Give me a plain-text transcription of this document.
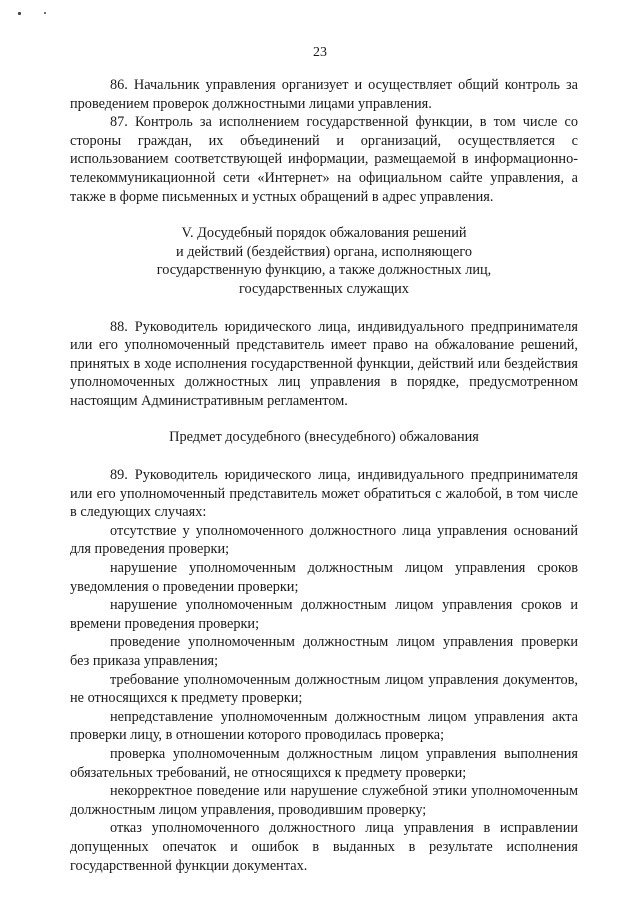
23

86. Начальник управления организует и осуществляет общий контроль за проведением проверок должностными лицами управления.

87. Контроль за исполнением государственной функции, в том числе со стороны граждан, их объединений и организаций, осуществляется с использованием соответствующей информации, размещаемой в информационно-телекоммуникационной сети «Интернет» на официальном сайте управления, а также в форме письменных и устных обращений в адрес управления.

V. Досудебный порядок обжалования решений

и действий (бездействия) органа, исполняющего

государственную функцию, а также должностных лиц,

государственных служащих

88. Руководитель юридического лица, индивидуального предпринимателя или его уполномоченный представитель имеет право на обжалование решений, принятых в ходе исполнения государственной функции, действий или бездействия уполномоченных должностных лиц управления в порядке, предусмотренном настоящим Административным регламентом.

Предмет досудебного (внесудебного) обжалования

89. Руководитель юридического лица, индивидуального предпринимателя или его уполномоченный представитель может обратиться с жалобой, в том числе в следующих случаях:

отсутствие у уполномоченного должностного лица управления оснований для проведения проверки;

нарушение уполномоченным должностным лицом управления сроков уведомления о проведении проверки;

нарушение уполномоченным должностным лицом управления сроков и времени проведения проверки;

проведение уполномоченным должностным лицом управления проверки без приказа управления;

требование уполномоченным должностным лицом управления документов, не относящихся к предмету проверки;

непредставление уполномоченным должностным лицом управления акта проверки лицу, в отношении которого проводилась проверка;

проверка уполномоченным должностным лицом управления выполнения обязательных требований, не относящихся к предмету проверки;

некорректное поведение или нарушение служебной этики уполномоченным должностным лицом управления, проводившим проверку;

отказ уполномоченного должностного лица управления в исправлении допущенных опечаток и ошибок в выданных в результате исполнения государственной функции документах.
